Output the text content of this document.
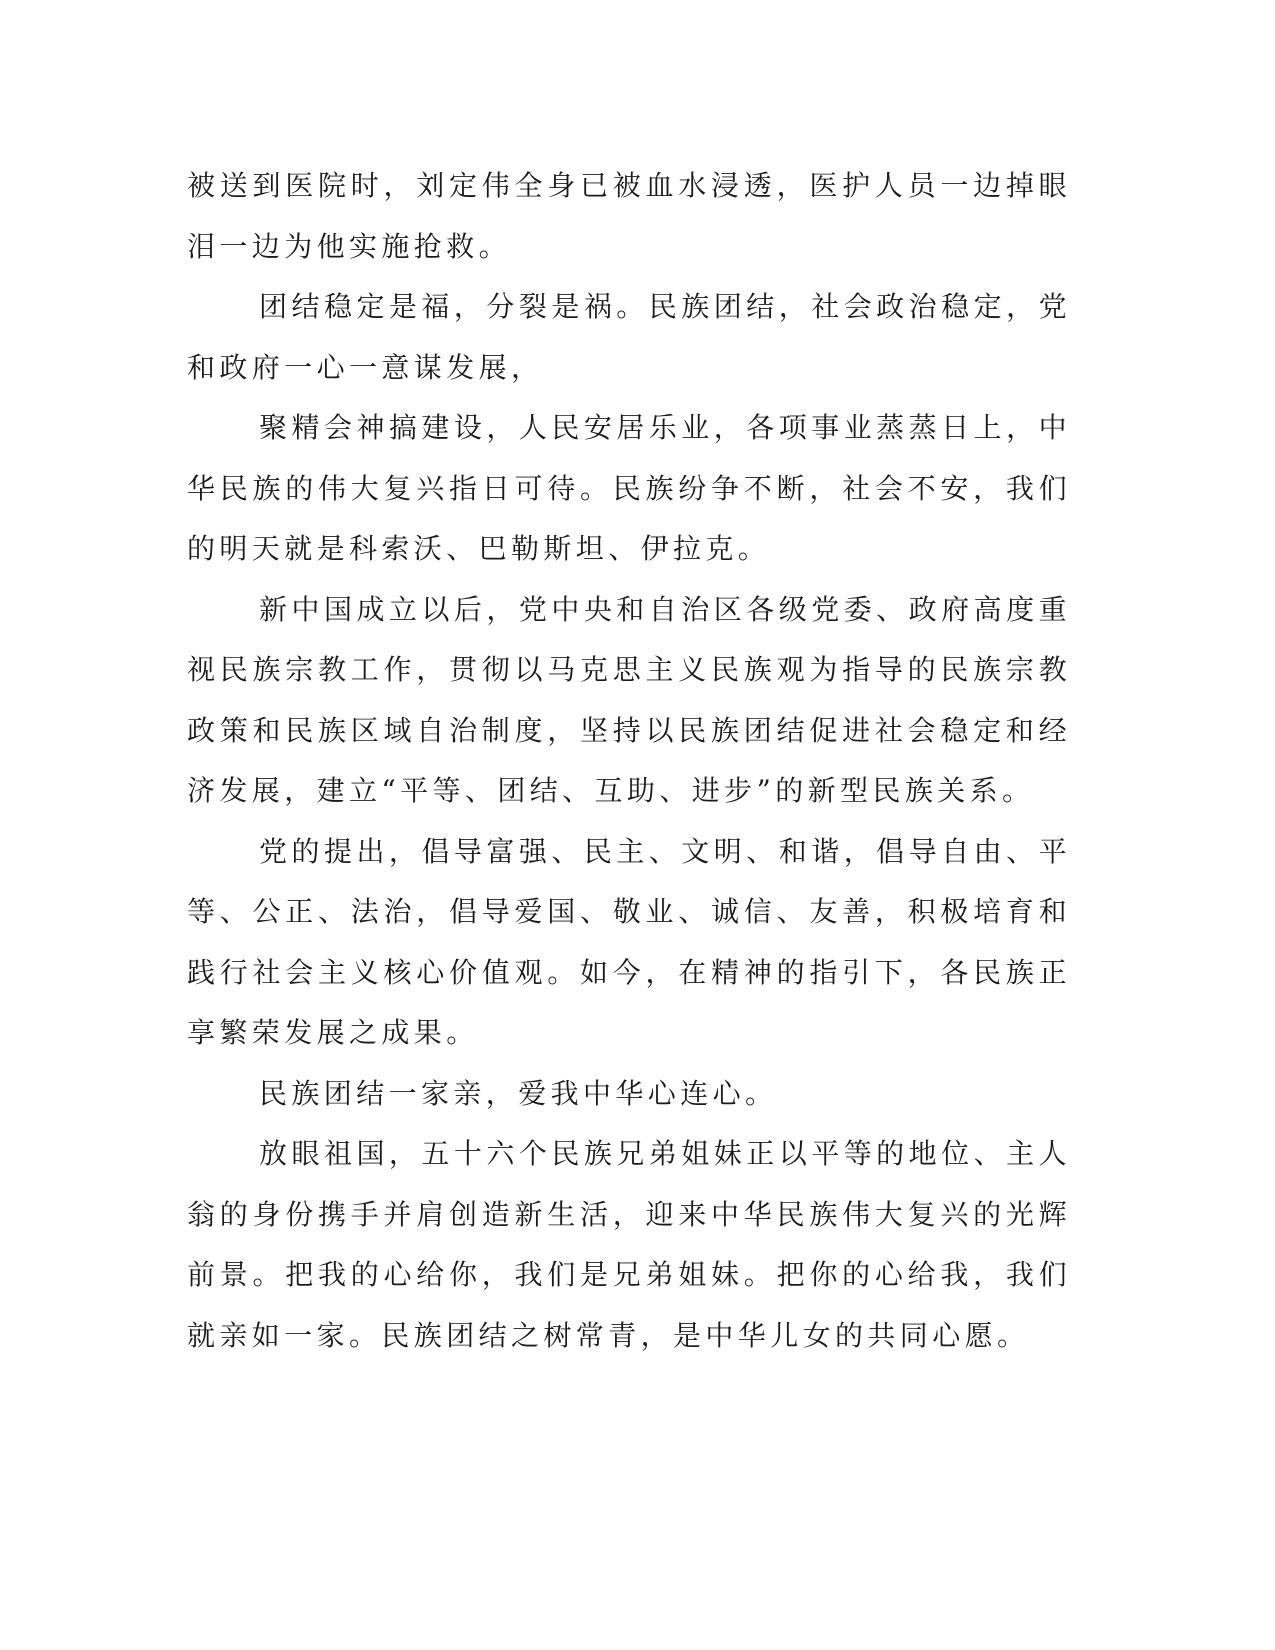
被送到医院时，刘定伟全身已被血水浸透，医护人员一边掉眼泪一边为他实施抢救。

团结稳定是福，分裂是祸。民族团结，社会政治稳定，党和政府一心一意谋发展，

聚精会神搞建设，人民安居乐业，各项事业蒸蒸日上，中华民族的伟大复兴指日可待。民族纷争不断，社会不安，我们的明天就是科索沃、巴勒斯坦、伊拉克。

新中国成立以后，党中央和自治区各级党委、政府高度重视民族宗教工作，贯彻以马克思主义民族观为指导的民族宗教政策和民族区域自治制度，坚持以民族团结促进社会稳定和经济发展，建立“平等、团结、互助、进步”的新型民族关系。

党的提出，倡导富强、民主、文明、和谐，倡导自由、平等、公正、法治，倡导爱国、敬业、诚信、友善，积极培育和践行社会主义核心价值观。如今，在精神的指引下，各民族正享繁荣发展之成果。

民族团结一家亲，爱我中华心连心。

放眼祖国，五十六个民族兄弟姐妹正以平等的地位、主人翁的身份携手并肩创造新生活，迎来中华民族伟大复兴的光辉前景。把我的心给你，我们是兄弟姐妹。把你的心给我，我们就亲如一家。民族团结之树常青，是中华儿女的共同心愿。
